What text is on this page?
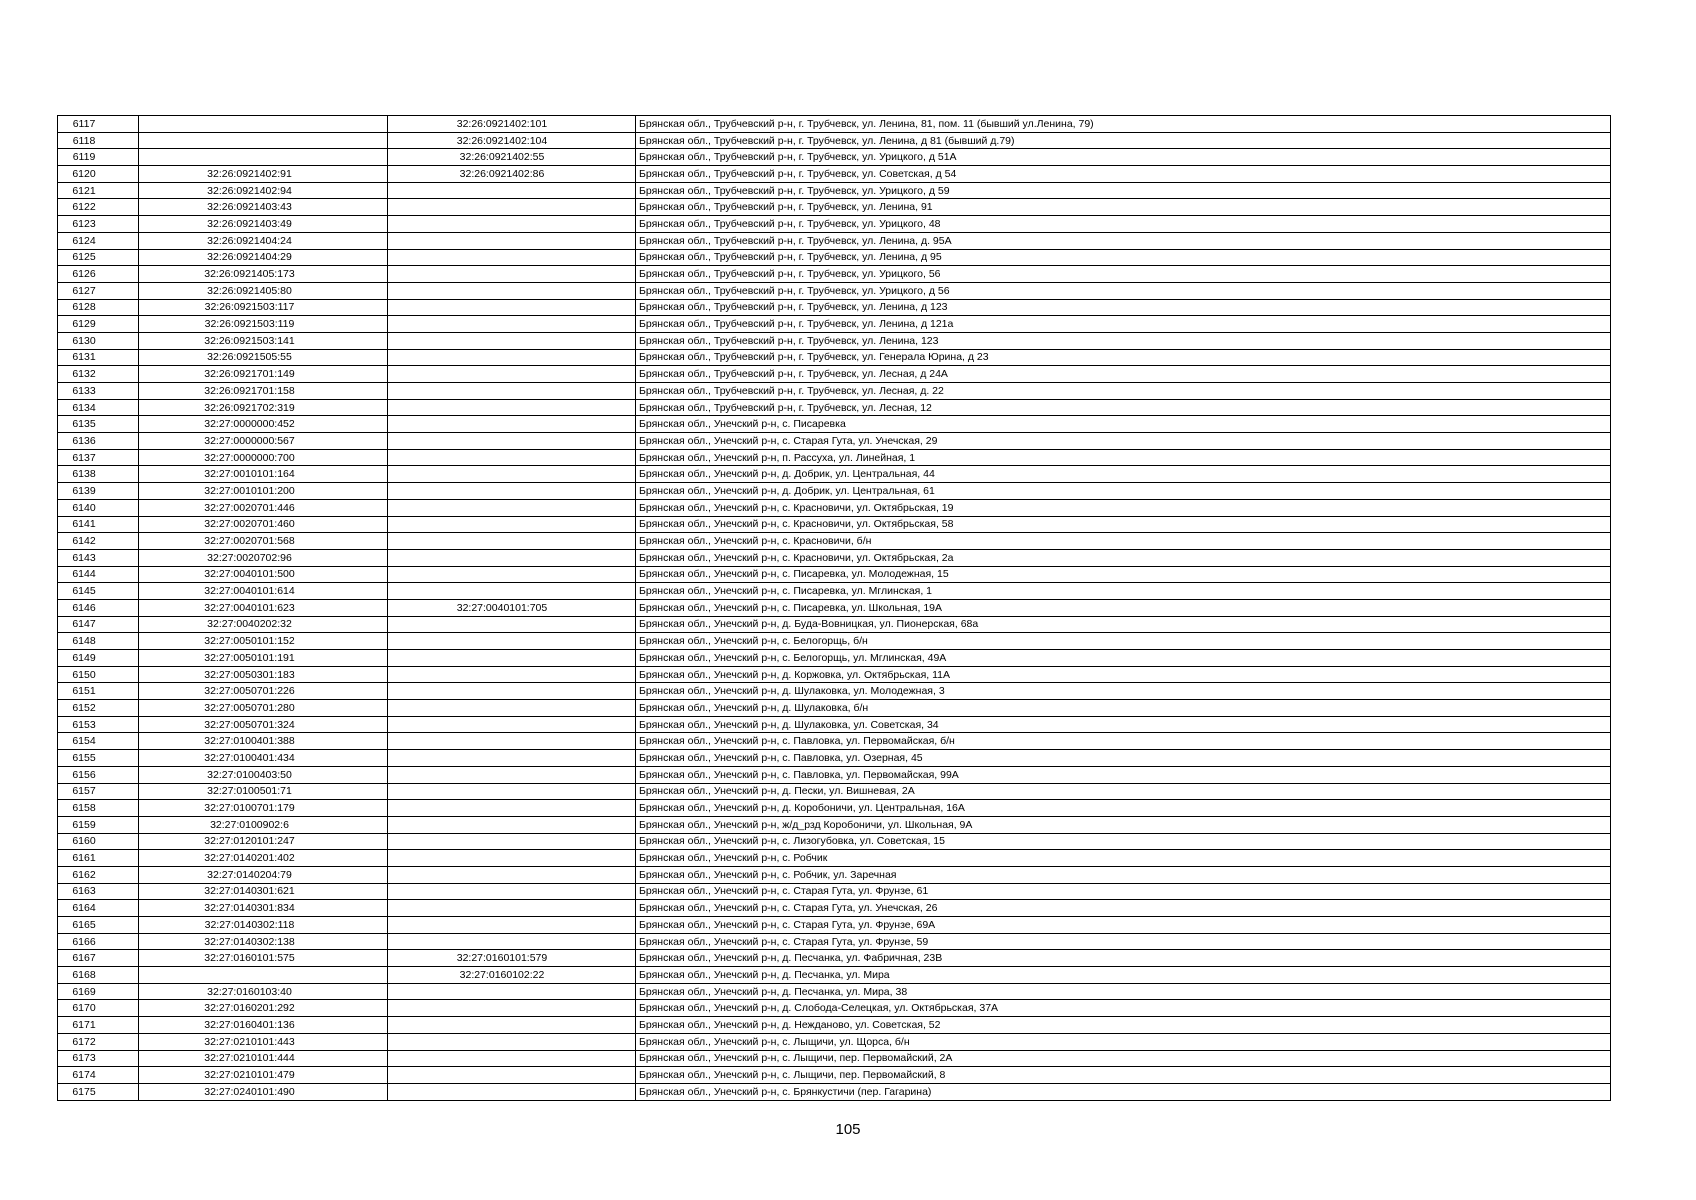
6117		32:26:0921402:101	Брянская обл., Трубчевский р-н, г. Трубчевск, ул. Ленина, 81, пом. 11 (бывший ул.Ленина, 79)
6118		32:26:0921402:104	Брянская обл., Трубчевский р-н, г. Трубчевск, ул. Ленина, д 81 (бывший д.79)
6119		32:26:0921402:55	Брянская обл., Трубчевский р-н, г. Трубчевск, ул. Урицкого, д 51А
6120	32:26:0921402:91	32:26:0921402:86	Брянская обл., Трубчевский р-н, г. Трубчевск, ул. Советская, д 54
6121	32:26:0921402:94		Брянская обл., Трубчевский р-н, г. Трубчевск, ул. Урицкого, д 59
6122	32:26:0921403:43		Брянская обл., Трубчевский р-н, г. Трубчевск, ул. Ленина, 91
6123	32:26:0921403:49		Брянская обл., Трубчевский р-н, г. Трубчевск, ул. Урицкого, 48
6124	32:26:0921404:24		Брянская обл., Трубчевский р-н, г. Трубчевск, ул. Ленина, д. 95А
6125	32:26:0921404:29		Брянская обл., Трубчевский р-н, г. Трубчевск, ул. Ленина, д 95
6126	32:26:0921405:173		Брянская обл., Трубчевский р-н, г. Трубчевск, ул. Урицкого, 56
6127	32:26:0921405:80		Брянская обл., Трубчевский р-н, г. Трубчевск, ул. Урицкого, д 56
6128	32:26:0921503:117		Брянская обл., Трубчевский р-н, г. Трубчевск, ул. Ленина, д 123
6129	32:26:0921503:119		Брянская обл., Трубчевский р-н, г. Трубчевск, ул. Ленина, д 121а
6130	32:26:0921503:141		Брянская обл., Трубчевский р-н, г. Трубчевск, ул. Ленина, 123
6131	32:26:0921505:55		Брянская обл., Трубчевский р-н, г. Трубчевск, ул. Генерала Юрина, д 23
6132	32:26:0921701:149		Брянская обл., Трубчевский р-н, г. Трубчевск, ул. Лесная, д 24А
6133	32:26:0921701:158		Брянская обл., Трубчевский р-н, г. Трубчевск, ул. Лесная, д. 22
6134	32:26:0921702:319		Брянская обл., Трубчевский р-н, г. Трубчевск, ул. Лесная, 12
6135	32:27:0000000:452		Брянская обл., Унечский р-н, с. Писаревка
6136	32:27:0000000:567		Брянская обл., Унечский р-н, с. Старая Гута, ул. Унечская, 29
6137	32:27:0000000:700		Брянская обл., Унечский р-н, п. Рассуха, ул. Линейная, 1
6138	32:27:0010101:164		Брянская обл., Унечский р-н, д. Добрик, ул. Центральная, 44
6139	32:27:0010101:200		Брянская обл., Унечский р-н, д. Добрик, ул. Центральная, 61
6140	32:27:0020701:446		Брянская обл., Унечский р-н, с. Красновичи, ул. Октябрьская, 19
6141	32:27:0020701:460		Брянская обл., Унечский р-н, с. Красновичи, ул. Октябрьская, 58
6142	32:27:0020701:568		Брянская обл., Унечский р-н, с. Красновичи, б/н
6143	32:27:0020702:96		Брянская обл., Унечский р-н, с. Красновичи, ул. Октябрьская, 2а
6144	32:27:0040101:500		Брянская обл., Унечский р-н, с. Писаревка, ул. Молодежная, 15
6145	32:27:0040101:614		Брянская обл., Унечский р-н, с. Писаревка, ул. Мглинская, 1
6146	32:27:0040101:623	32:27:0040101:705	Брянская обл., Унечский р-н, с. Писаревка, ул. Школьная, 19А
6147	32:27:0040202:32		Брянская обл., Унечский р-н, д. Буда-Вовницкая, ул. Пионерская, 68а
6148	32:27:0050101:152		Брянская обл., Унечский р-н, с. Белогорщь, б/н
6149	32:27:0050101:191		Брянская обл., Унечский р-н, с. Белогорщь, ул. Мглинская, 49А
6150	32:27:0050301:183		Брянская обл., Унечский р-н, д. Коржовка, ул. Октябрьская, 11А
6151	32:27:0050701:226		Брянская обл., Унечский р-н, д. Шулаковка, ул. Молодежная, 3
6152	32:27:0050701:280		Брянская обл., Унечский р-н, д. Шулаковка, б/н
6153	32:27:0050701:324		Брянская обл., Унечский р-н, д. Шулаковка, ул. Советская, 34
6154	32:27:0100401:388		Брянская обл., Унечский р-н, с. Павловка, ул. Первомайская, б/н
6155	32:27:0100401:434		Брянская обл., Унечский р-н, с. Павловка, ул. Озерная, 45
6156	32:27:0100403:50		Брянская обл., Унечский р-н, с. Павловка, ул. Первомайская, 99А
6157	32:27:0100501:71		Брянская обл., Унечский р-н, д. Пески, ул. Вишневая, 2А
6158	32:27:0100701:179		Брянская обл., Унечский р-н, д. Коробоничи, ул. Центральная, 16А
6159	32:27:0100902:6		Брянская обл., Унечский р-н, ж/д_рзд Коробоничи, ул. Школьная, 9А
6160	32:27:0120101:247		Брянская обл., Унечский р-н, с. Лизогубовка, ул. Советская, 15
6161	32:27:0140201:402		Брянская обл., Унечский р-н, с. Робчик
6162	32:27:0140204:79		Брянская обл., Унечский р-н, с. Робчик, ул. Заречная
6163	32:27:0140301:621		Брянская обл., Унечский р-н, с. Старая Гута, ул. Фрунзе, 61
6164	32:27:0140301:834		Брянская обл., Унечский р-н, с. Старая Гута, ул. Унечская, 26
6165	32:27:0140302:118		Брянская обл., Унечский р-н, с. Старая Гута, ул. Фрунзе, 69А
6166	32:27:0140302:138		Брянская обл., Унечский р-н, с. Старая Гута, ул. Фрунзе, 59
6167	32:27:0160101:575	32:27:0160101:579	Брянская обл., Унечский р-н, д. Песчанка, ул. Фабричная, 23В
6168		32:27:0160102:22	Брянская обл., Унечский р-н, д. Песчанка, ул. Мира
6169	32:27:0160103:40		Брянская обл., Унечский р-н, д. Песчанка, ул. Мира, 38
6170	32:27:0160201:292		Брянская обл., Унечский р-н, д. Слобода-Селецкая, ул. Октябрьская, 37А
6171	32:27:0160401:136		Брянская обл., Унечский р-н, д. Нежданово, ул. Советская, 52
6172	32:27:0210101:443		Брянская обл., Унечский р-н, с. Лыщичи, ул. Щорса, б/н
6173	32:27:0210101:444		Брянская обл., Унечский р-н, с. Лыщичи, пер. Первомайский, 2А
6174	32:27:0210101:479		Брянская обл., Унечский р-н, с. Лыщичи, пер. Первомайский, 8
6175	32:27:0240101:490		Брянская обл., Унечский р-н, с. Брянкустичи (пер. Гагарина)
105
